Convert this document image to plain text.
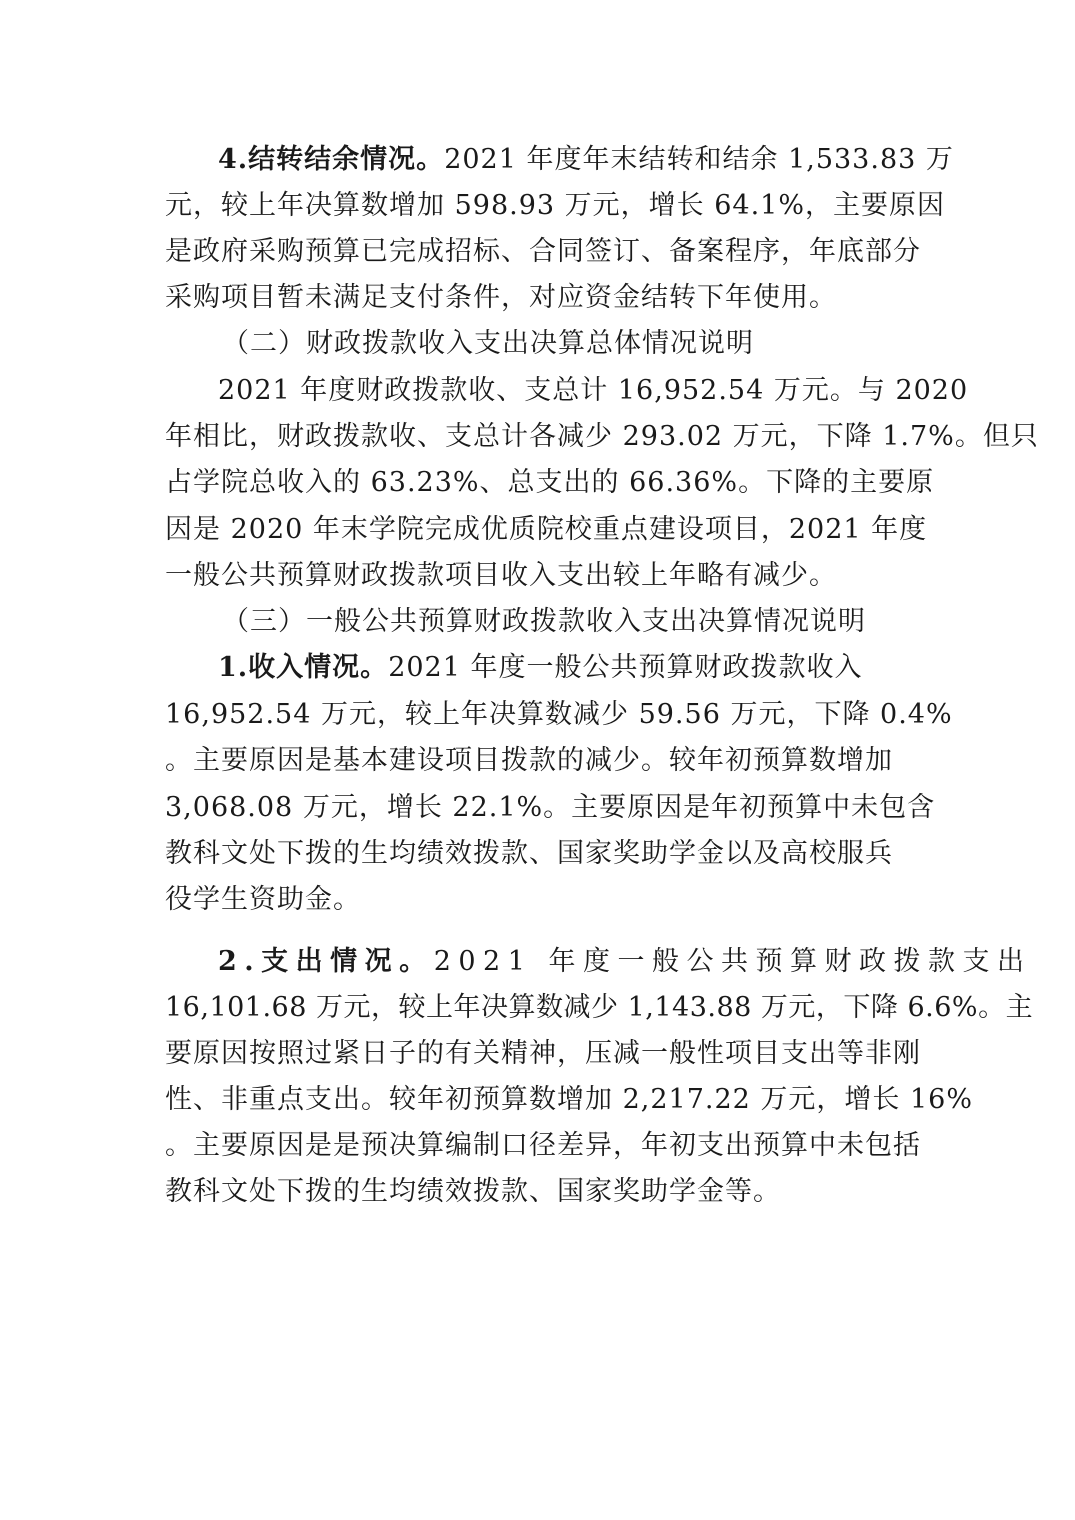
4.结转结余情况。2021 年度年末结转和结余 1,533.83 万
元，较上年决算数增加 598.93 万元，增长 64.1%，主要原因
是政府采购预算已完成招标、合同签订、备案程序，年底部分
采购项目暂未满足支付条件，对应资金结转下年使用。
（二）财政拨款收入支出决算总体情况说明
2021 年度财政拨款收、支总计 16,952.54 万元。与 2020
年相比，财政拨款收、支总计各减少 293.02 万元，下降 1.7%。但只
占学院总收入的 63.23%、总支出的 66.36%。下降的主要原
因是 2020 年末学院完成优质院校重点建设项目，2021 年度
一般公共预算财政拨款项目收入支出较上年略有减少。
（三）一般公共预算财政拨款收入支出决算情况说明
1.收入情况。2021 年度一般公共预算财政拨款收入
16,952.54 万元，较上年决算数减少 59.56 万元，下降 0.4%
。主要原因是基本建设项目拨款的减少。较年初预算数增加
3,068.08 万元，增长 22.1%。主要原因是年初预算中未包含
教科文处下拨的生均绩效拨款、国家奖助学金以及高校服兵
役学生资助金。
2.支出情况。2021 年度一般公共预算财政拨款支出
16,101.68 万元，较上年决算数减少 1,143.88 万元，下降 6.6%。主
要原因按照过紧日子的有关精神，压减一般性项目支出等非刚
性、非重点支出。较年初预算数增加 2,217.22 万元，增长 16%
。主要原因是是预决算编制口径差异，年初支出预算中未包括
教科文处下拨的生均绩效拨款、国家奖助学金等。
